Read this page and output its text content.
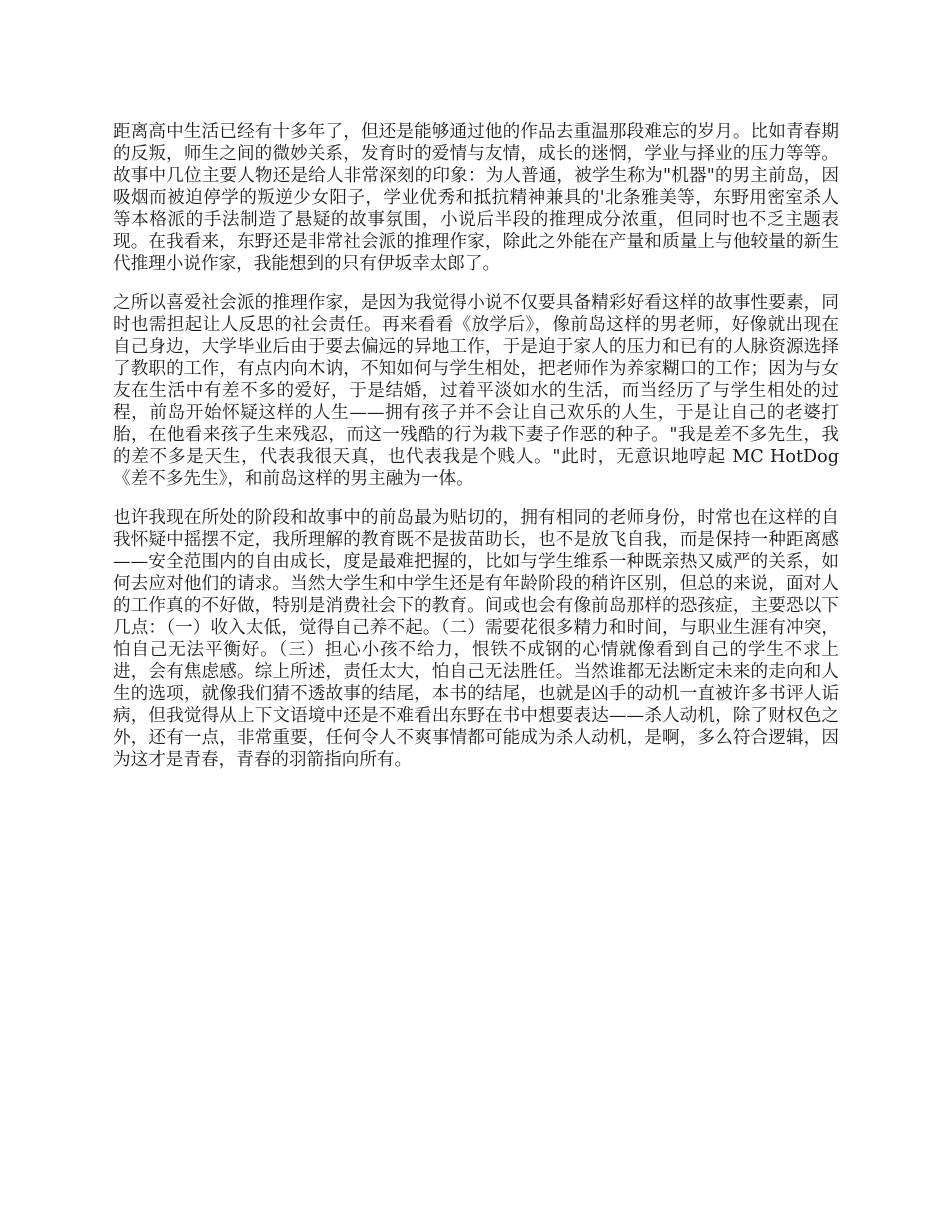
距离高中生活已经有十多年了，但还是能够通过他的作品去重温那段难忘的岁月。比如青春期的反叛，师生之间的微妙关系，发育时的爱情与友情，成长的迷惘，学业与择业的压力等等。故事中几位主要人物还是给人非常深刻的印象：为人普通，被学生称为"机器"的男主前岛，因吸烟而被迫停学的叛逆少女阳子，学业优秀和抵抗精神兼具的'北条雅美等，东野用密室杀人等本格派的手法制造了悬疑的故事氛围，小说后半段的推理成分浓重，但同时也不乏主题表现。在我看来，东野还是非常社会派的推理作家，除此之外能在产量和质量上与他较量的新生代推理小说作家，我能想到的只有伊坂幸太郎了。

之所以喜爱社会派的推理作家，是因为我觉得小说不仅要具备精彩好看这样的故事性要素，同时也需担起让人反思的社会责任。再来看看《放学后》，像前岛这样的男老师，好像就出现在自己身边，大学毕业后由于要去偏远的异地工作，于是迫于家人的压力和已有的人脉资源选择了教职的工作，有点内向木讷，不知如何与学生相处，把老师作为养家糊口的工作；因为与女友在生活中有差不多的爱好，于是结婚，过着平淡如水的生活，而当经历了与学生相处的过程，前岛开始怀疑这样的人生——拥有孩子并不会让自己欢乐的人生，于是让自己的老婆打胎，在他看来孩子生来残忍，而这一残酷的行为栽下妻子作恶的种子。"我是差不多先生，我的差不多是天生，代表我很天真，也代表我是个贱人。"此时，无意识地哼起 MC HotDog《差不多先生》，和前岛这样的男主融为一体。

也许我现在所处的阶段和故事中的前岛最为贴切的，拥有相同的老师身份，时常也在这样的自我怀疑中摇摆不定，我所理解的教育既不是拔苗助长，也不是放飞自我，而是保持一种距离感——安全范围内的自由成长，度是最难把握的，比如与学生维系一种既亲热又威严的关系，如何去应对他们的请求。当然大学生和中学生还是有年龄阶段的稍许区别，但总的来说，面对人的工作真的不好做，特别是消费社会下的教育。间或也会有像前岛那样的恐孩症，主要恐以下几点：（一）收入太低，觉得自己养不起。（二）需要花很多精力和时间，与职业生涯有冲突，怕自己无法平衡好。（三）担心小孩不给力，恨铁不成钢的心情就像看到自己的学生不求上进，会有焦虑感。综上所述，责任太大，怕自己无法胜任。当然谁都无法断定未来的走向和人生的选项，就像我们猜不透故事的结尾，本书的结尾，也就是凶手的动机一直被许多书评人诟病，但我觉得从上下文语境中还是不难看出东野在书中想要表达——杀人动机，除了财权色之外，还有一点，非常重要，任何令人不爽事情都可能成为杀人动机，是啊，多么符合逻辑，因为这才是青春，青春的羽箭指向所有。
